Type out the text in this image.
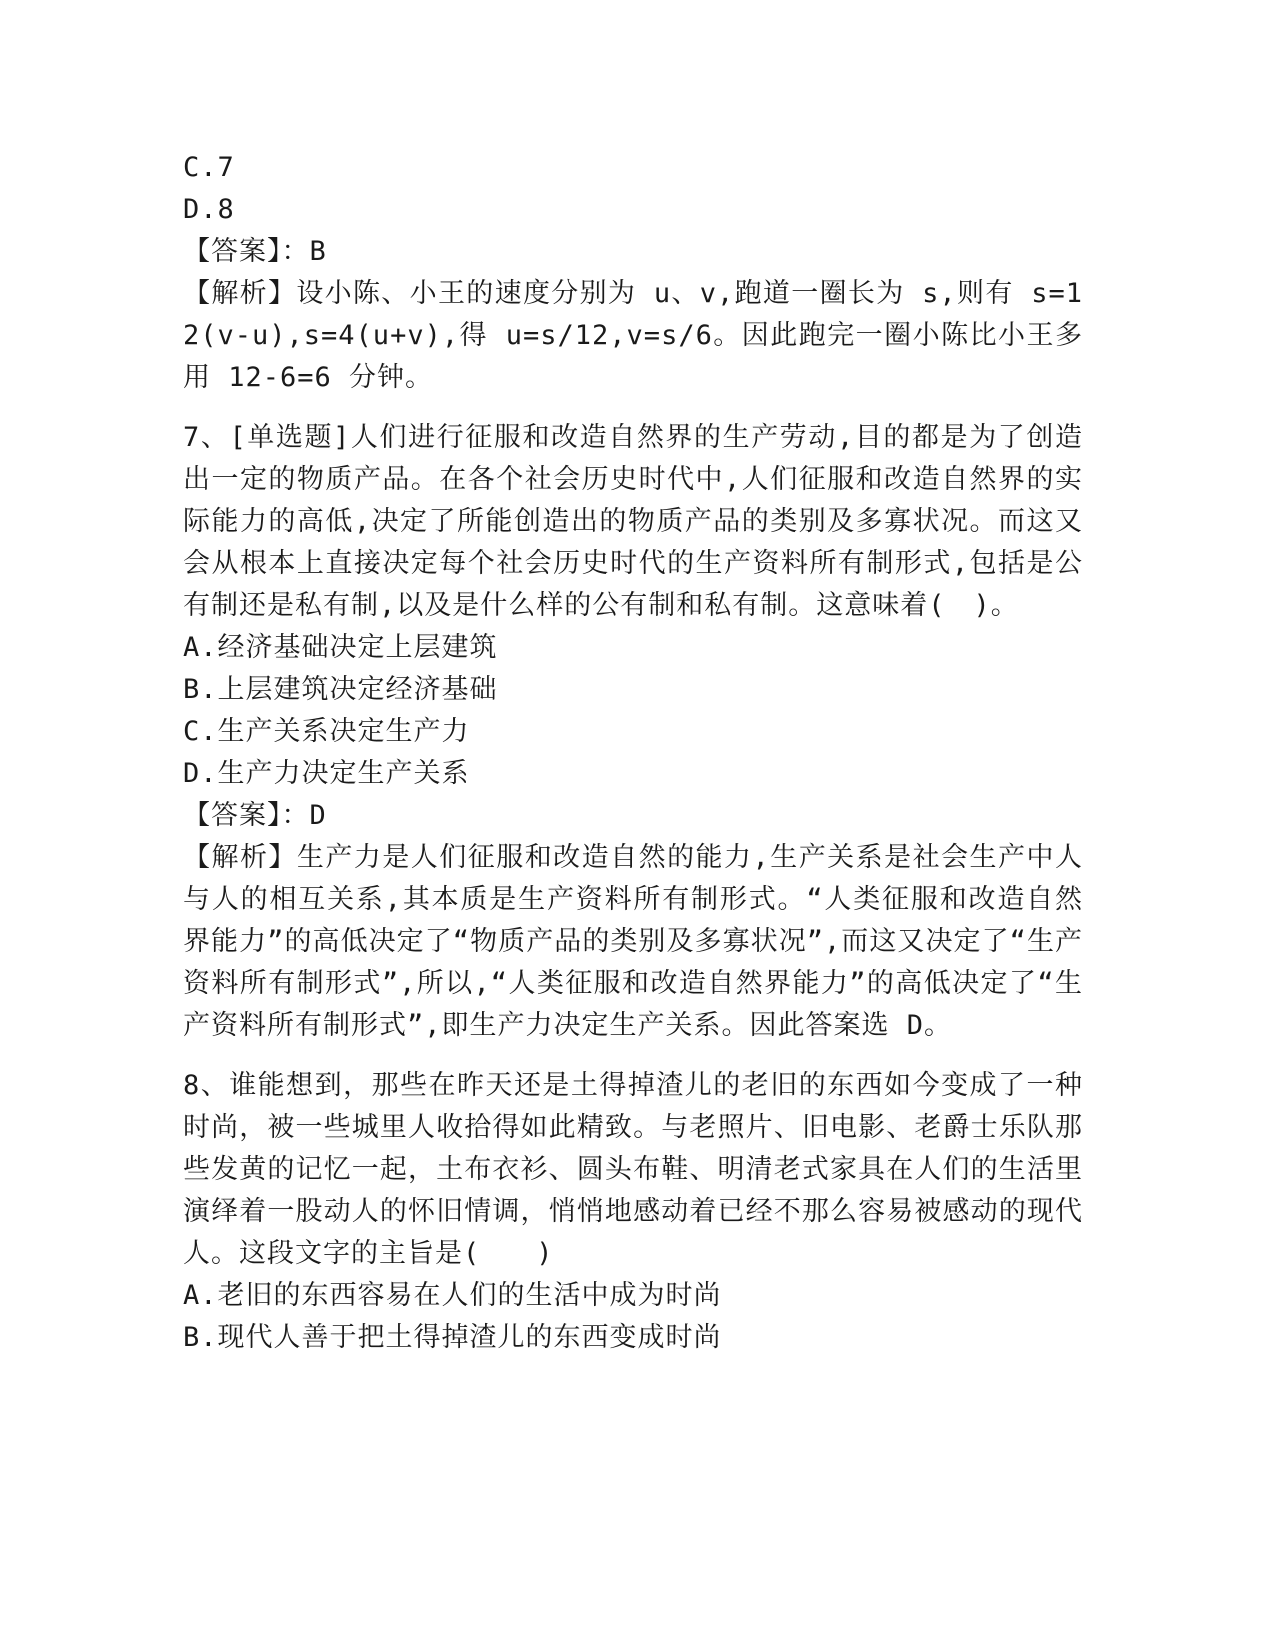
C.7

D.8

【答案】：B

【解析】设小陈、小王的速度分别为 u、v,跑道一圈长为 s,则有 s=12(v-u),s=4(u+v),得 u=s/12,v=s/6。因此跑完一圈小陈比小王多用 12-6=6 分钟。

7、[单选题]人们进行征服和改造自然界的生产劳动,目的都是为了创造出一定的物质产品。在各个社会历史时代中,人们征服和改造自然界的实际能力的高低,决定了所能创造出的物质产品的类别及多寡状况。而这又会从根本上直接决定每个社会历史时代的生产资料所有制形式,包括是公有制还是私有制,以及是什么样的公有制和私有制。这意味着(　)。

A.经济基础决定上层建筑

B.上层建筑决定经济基础

C.生产关系决定生产力

D.生产力决定生产关系

【答案】：D

【解析】生产力是人们征服和改造自然的能力,生产关系是社会生产中人与人的相互关系,其本质是生产资料所有制形式。“人类征服和改造自然界能力”的高低决定了“物质产品的类别及多寡状况”,而这又决定了“生产资料所有制形式”,所以,“人类征服和改造自然界能力”的高低决定了“生产资料所有制形式”,即生产力决定生产关系。因此答案选 D。

8、谁能想到，那些在昨天还是土得掉渣儿的老旧的东西如今变成了一种时尚，被一些城里人收拾得如此精致。与老照片、旧电影、老爵士乐队那些发黄的记忆一起，土布衣衫、圆头布鞋、明清老式家具在人们的生活里演绎着一股动人的怀旧情调，悄悄地感动着已经不那么容易被感动的现代人。这段文字的主旨是(　　)

A.老旧的东西容易在人们的生活中成为时尚

B.现代人善于把土得掉渣儿的东西变成时尚
